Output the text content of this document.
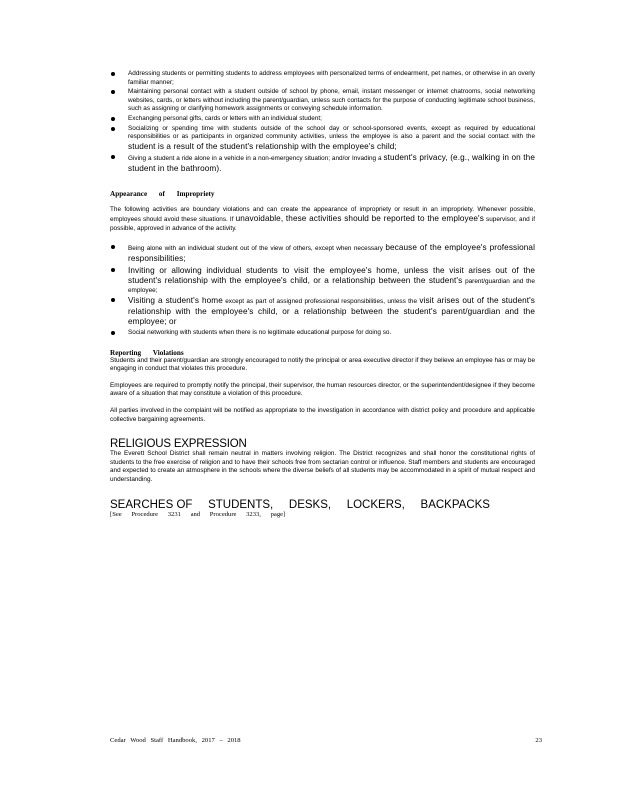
Addressing students or permitting students to address employees with personalized terms of endearment, pet names, or otherwise in an overly familiar manner;
Maintaining personal contact with a student outside of school by phone, email, instant messenger or internet chatrooms, social networking websites, cards, or letters without including the parent/guardian, unless such contacts for the purpose of conducting legitimate school business, such as assigning or clarifying homework assignments or conveying schedule information.
Exchanging personal gifts, cards or letters with an individual student;
Socializing or spending time with students outside of the school day or school-sponsored events, except as required by educational responsibilities or as participants in organized community activities, unless the employee is also a parent and the social contact with the student is a result of the student's relationship with the employee's child;
Giving a student a ride alone in a vehicle in a non-emergency situation; and/or Invading a student's privacy, (e.g., walking in on the student in the bathroom).

Appearance of Impropriety

The following activities are boundary violations and can create the appearance of impropriety or result in an impropriety. Whenever possible, employees should avoid these situations. If unavoidable, these activities should be reported to the employee's supervisor, and if possible, approved in advance of the activity.

Being alone with an individual student out of the view of others, except when necessary because of the employee's professional responsibilities;
Inviting or allowing individual students to visit the employee's home, unless the visit arises out of the student's relationship with the employee's child, or a relationship between the student's parent/guardian and the employee;
Visiting a student's home except as part of assigned professional responsibilities, unless the visit arises out of the student's relationship with the employee's child, or a relationship between the student's parent/guardian and the employee; or
Social networking with students when there is no legitimate educational purpose for doing so.

Reporting Violations

Students and their parent/guardian are strongly encouraged to notify the principal or area executive director if they believe an employee has or may be engaging in conduct that violates this procedure.

Employees are required to promptly notify the principal, their supervisor, the human resources director, or the superintendent/designee if they become aware of a situation that may constitute a violation of this procedure.

All parties involved in the complaint will be notified as appropriate to the investigation in accordance with district policy and procedure and applicable collective bargaining agreements.

RELIGIOUS EXPRESSION

The Everett School District shall remain neutral in matters involving religion. The District recognizes and shall honor the constitutional rights of students to the free exercise of religion and to have their schools free from sectarian control or influence. Staff members and students are encouraged and expected to create an atmosphere in the schools where the diverse beliefs of all students may be accommodated in a spirit of mutual respect and understanding.

SEARCHES OF STUDENTS, DESKS, LOCKERS, BACKPACKS
[See Procedure 3231 and Procedure 3233, page]
Cedar Wood Staff Handbook, 2017 – 2018	23
